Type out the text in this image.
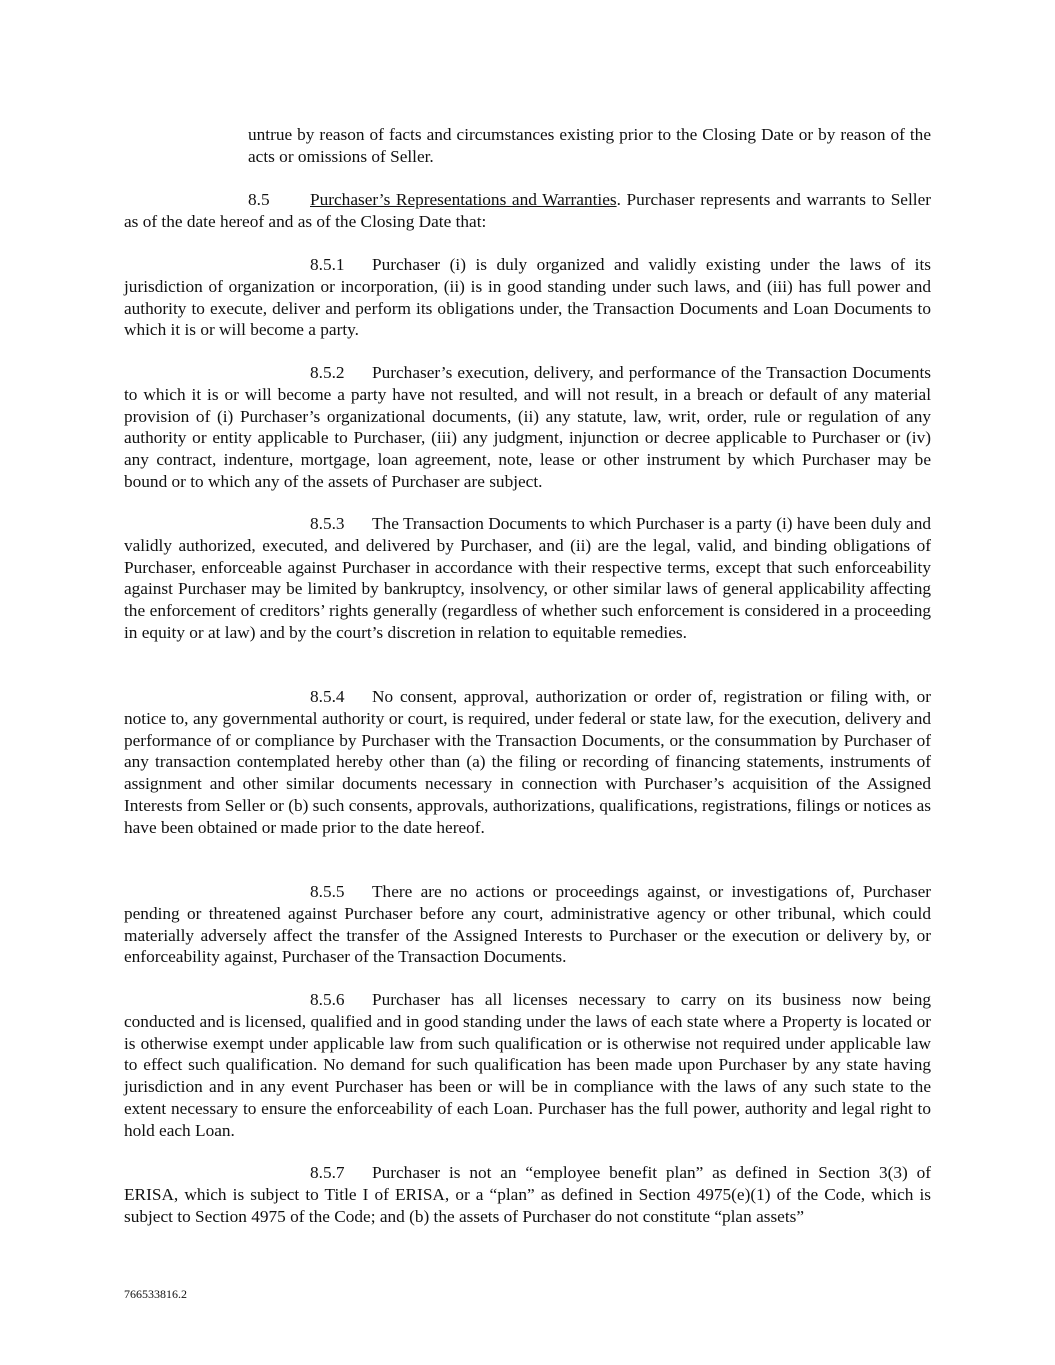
untrue by reason of facts and circumstances existing prior to the Closing Date or by reason of the acts or omissions of Seller.

8.5 Purchaser’s Representations and Warranties. Purchaser represents and warrants to Seller as of the date hereof and as of the Closing Date that:

8.5.1 Purchaser (i) is duly organized and validly existing under the laws of its jurisdiction of organization or incorporation, (ii) is in good standing under such laws, and (iii) has full power and authority to execute, deliver and perform its obligations under, the Transaction Documents and Loan Documents to which it is or will become a party.

8.5.2 Purchaser’s execution, delivery, and performance of the Transaction Documents to which it is or will become a party have not resulted, and will not result, in a breach or default of any material provision of (i) Purchaser’s organizational documents, (ii) any statute, law, writ, order, rule or regulation of any authority or entity applicable to Purchaser, (iii) any judgment, injunction or decree applicable to Purchaser or (iv) any contract, indenture, mortgage, loan agreement, note, lease or other instrument by which Purchaser may be bound or to which any of the assets of Purchaser are subject.

8.5.3 The Transaction Documents to which Purchaser is a party (i) have been duly and validly authorized, executed, and delivered by Purchaser, and (ii) are the legal, valid, and binding obligations of Purchaser, enforceable against Purchaser in accordance with their respective terms, except that such enforceability against Purchaser may be limited by bankruptcy, insolvency, or other similar laws of general applicability affecting the enforcement of creditors’ rights generally (regardless of whether such enforcement is considered in a proceeding in equity or at law) and by the court’s discretion in relation to equitable remedies.

8.5.4 No consent, approval, authorization or order of, registration or filing with, or notice to, any governmental authority or court, is required, under federal or state law, for the execution, delivery and performance of or compliance by Purchaser with the Transaction Documents, or the consummation by Purchaser of any transaction contemplated hereby other than (a) the filing or recording of financing statements, instruments of assignment and other similar documents necessary in connection with Purchaser’s acquisition of the Assigned Interests from Seller or (b) such consents, approvals, authorizations, qualifications, registrations, filings or notices as have been obtained or made prior to the date hereof.

8.5.5 There are no actions or proceedings against, or investigations of, Purchaser pending or threatened against Purchaser before any court, administrative agency or other tribunal, which could materially adversely affect the transfer of the Assigned Interests to Purchaser or the execution or delivery by, or enforceability against, Purchaser of the Transaction Documents.

8.5.6 Purchaser has all licenses necessary to carry on its business now being conducted and is licensed, qualified and in good standing under the laws of each state where a Property is located or is otherwise exempt under applicable law from such qualification or is otherwise not required under applicable law to effect such qualification. No demand for such qualification has been made upon Purchaser by any state having jurisdiction and in any event Purchaser has been or will be in compliance with the laws of any such state to the extent necessary to ensure the enforceability of each Loan. Purchaser has the full power, authority and legal right to hold each Loan.

8.5.7 Purchaser is not an “employee benefit plan” as defined in Section 3(3) of ERISA, which is subject to Title I of ERISA, or a “plan” as defined in Section 4975(e)(1) of the Code, which is subject to Section 4975 of the Code; and (b) the assets of Purchaser do not constitute “plan assets”

766533816.2
